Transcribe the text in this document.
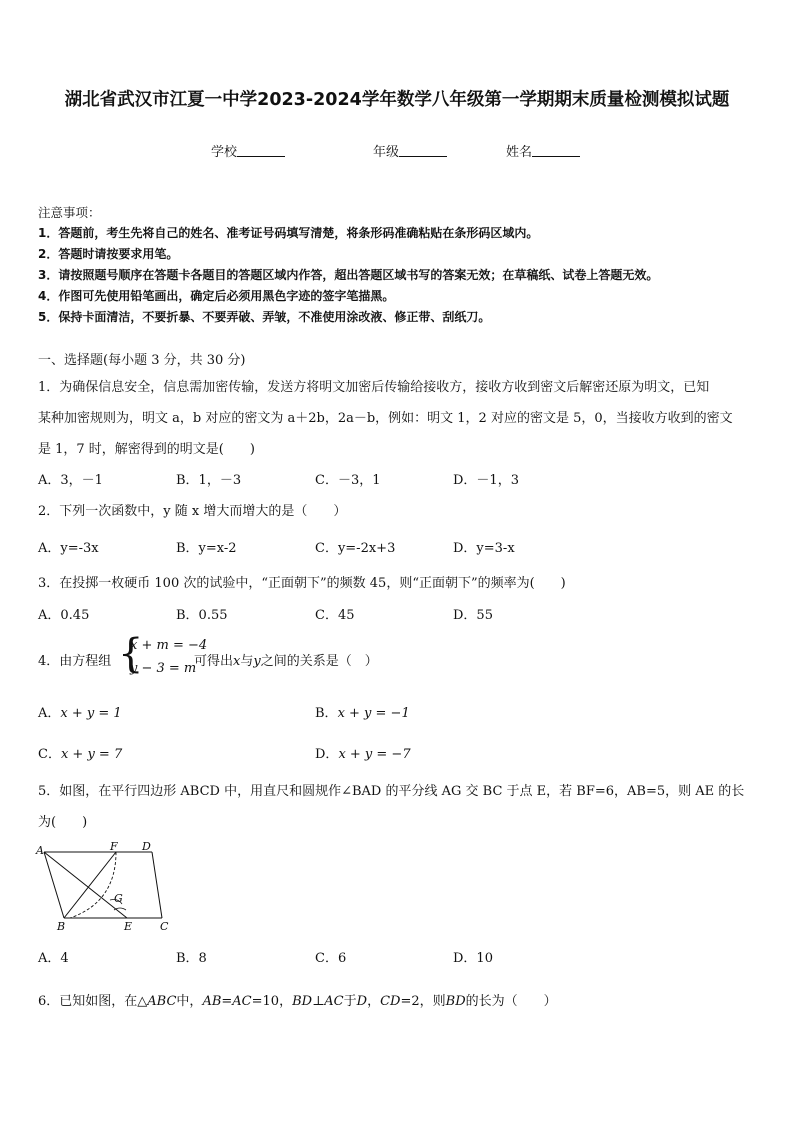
湖北省武汉市江夏一中学2023-2024学年数学八年级第一学期期末质量检测模拟试题
学校	年级	姓名
注意事项：
1．答题前，考生先将自己的姓名、准考证号码填写清楚，将条形码准确粘贴在条形码区域内。
2．答题时请按要求用笔。
3．请按照题号顺序在答题卡各题目的答题区域内作答，超出答题区域书写的答案无效；在草稿纸、试卷上答题无效。
4．作图可先使用铅笔画出，确定后必须用黑色字迹的签字笔描黑。
5．保持卡面清洁，不要折暴、不要弄破、弄皱，不准使用涂改液、修正带、刮纸刀。
一、选择题(每小题 3 分，共 30 分)
1．为确保信息安全，信息需加密传输，发送方将明文加密后传输给接收方，接收方收到密文后解密还原为明文，已知
某种加密规则为，明文 a，b 对应的密文为 a＋2b，2a－b，例如：明文 1，2 对应的密文是 5，0，当接收方收到的密文
是 1，7 时，解密得到的明文是(　　)
A．3，－1	B．1，－3	C．－3，1	D．－1，3
2．下列一次函数中，y 随 x 增大而增大的是（　　）
A．y=-3x	B．y=x-2	C．y=-2x+3	D．y=3-x
3．在投掷一枚硬币 100 次的试验中，“正面朝下”的频数 45，则“正面朝下”的频率为(　　)
A．0.45	B．0.55	C．45	D．55
4．由方程组 {
x + m = −4
y − 3 = m
可得出x与y之间的关系是（　）
A．x + y = 1	B．x + y = −1
C．x + y = 7	D．x + y = −7
5．如图，在平行四边形 ABCD 中，用直尺和圆规作∠BAD 的平分线 AG 交 BC 于点 E，若 BF=6，AB=5，则 AE 的长
为(　　)
A	F D
G
B	E	C
A．4	B．8	C．6	D．10
6．已知如图，在△ABC中，AB=AC=10，BD⊥AC于D，CD=2，则BD的长为（　　）
